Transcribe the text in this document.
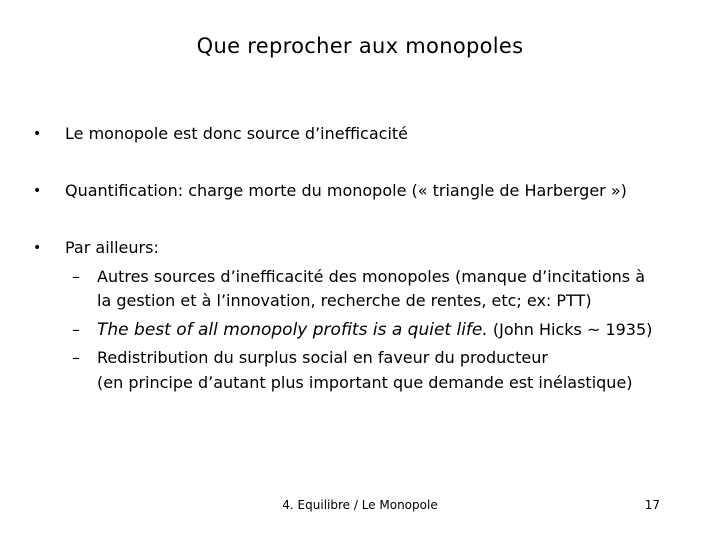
Que reprocher aux monopoles
• Le monopole est donc source d’inefficacité
• Quantification: charge morte du monopole (« triangle de Harberger »)
• Par ailleurs:
– Autres sources d’inefficacité des monopoles (manque d’incitations à
la gestion et à l’innovation, recherche de rentes, etc; ex: PTT)
– The best of all monopoly profits is a quiet life. (John Hicks ~ 1935)
– Redistribution du surplus social en faveur du producteur
(en principe d’autant plus important que demande est inélastique)
4. Equilibre / Le Monopole	17
